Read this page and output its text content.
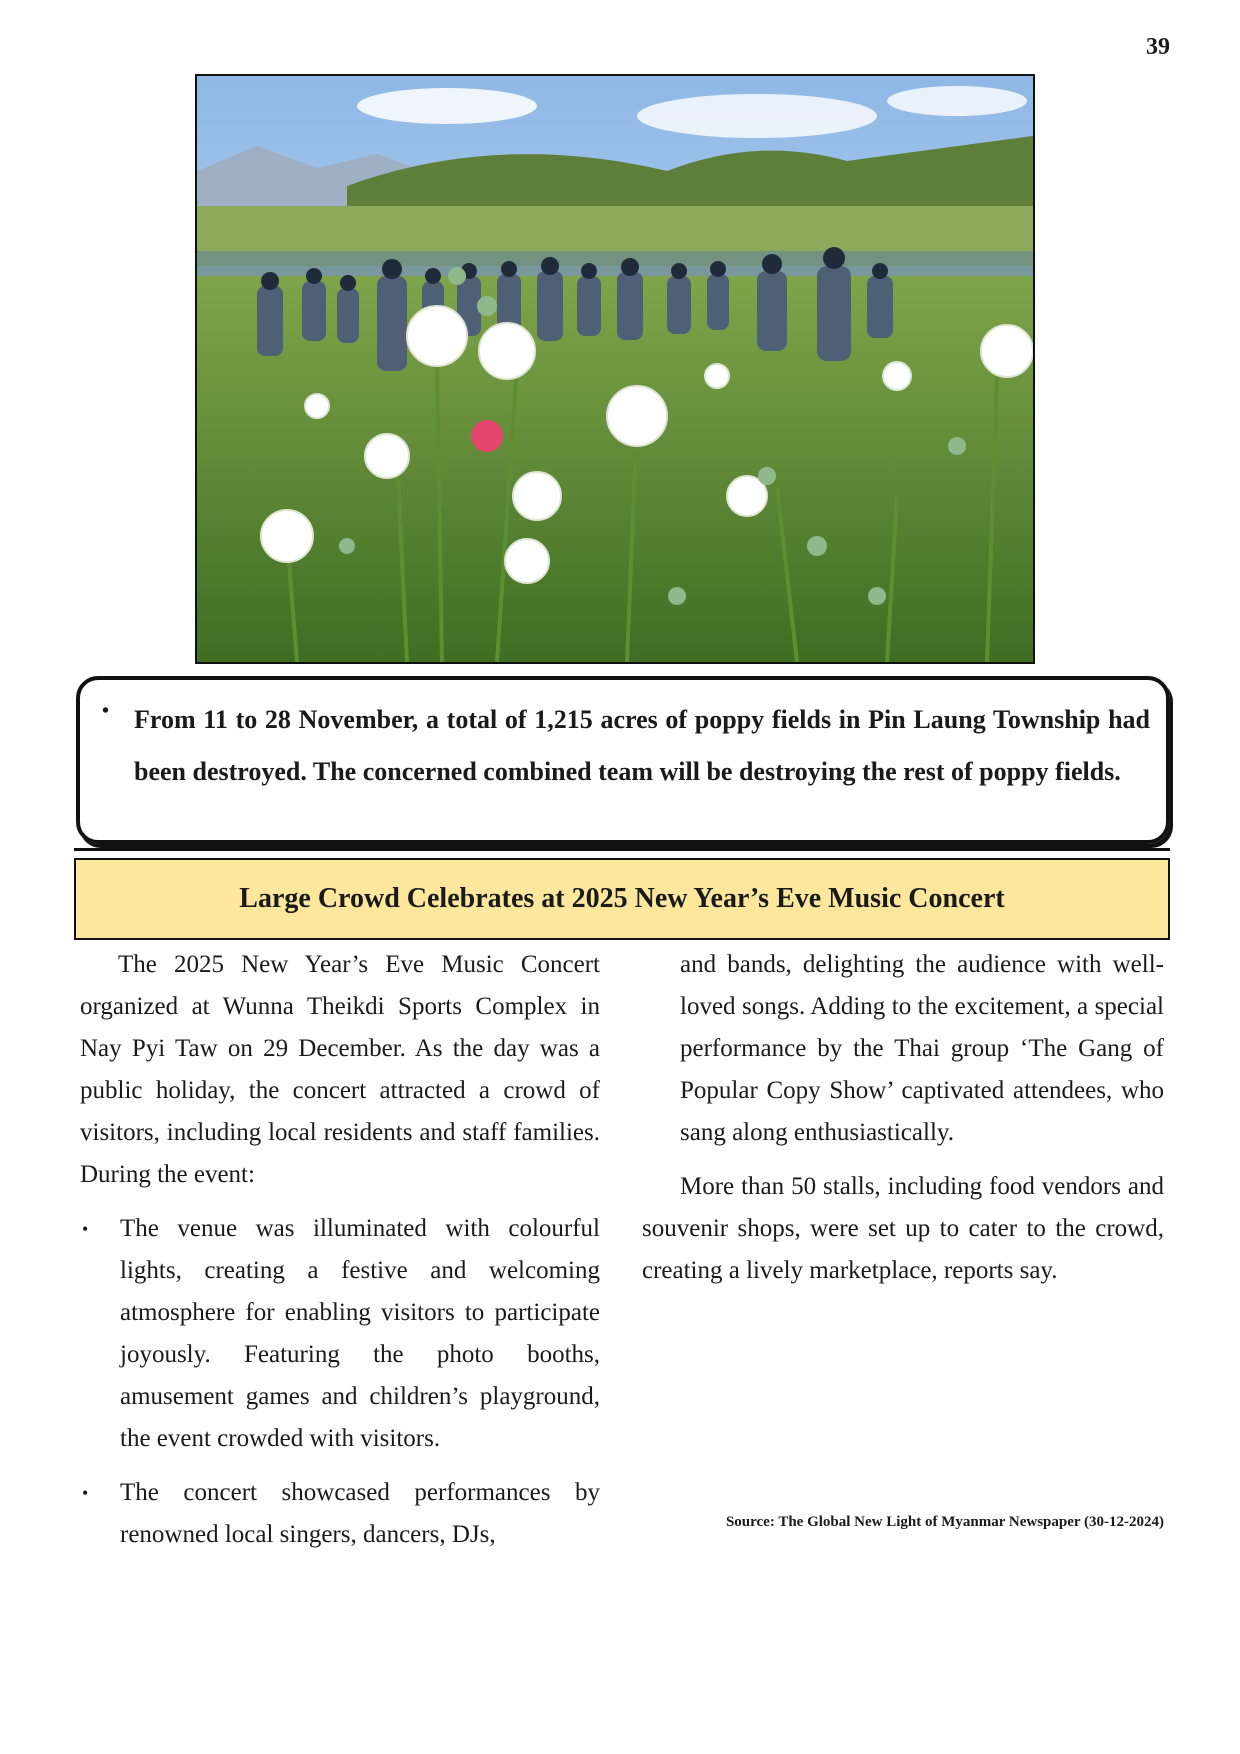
39
• From 11 to 28 November, a total of 1,215 acres of poppy fields in Pin Laung Township had been destroyed. The concerned combined team will be destroying the rest of poppy fields.

Large Crowd Celebrates at 2025 New Year’s Eve Music Concert

The 2025 New Year’s Eve Music Concert organized at Wunna Theikdi Sports Complex in Nay Pyi Taw on 29 December. As the day was a public holiday, the concert attracted a crowd of visitors, including local residents and staff families. During the event:

• The venue was illuminated with colourful lights, creating a festive and welcoming atmosphere for enabling visitors to participate joyously. Featuring the photo booths, amusement games and children’s playground, the event crowded with visitors.

• The concert showcased performances by renowned local singers, dancers, DJs,

and bands, delighting the audience with well-loved songs. Adding to the excitement, a special performance by the Thai group ‘The Gang of Popular Copy Show’ captivated attendees, who sang along enthusiastically.

More than 50 stalls, including food vendors and souvenir shops, were set up to cater to the crowd, creating a lively marketplace, reports say.

Source: The Global New Light of Myanmar Newspaper (30-12-2024)
